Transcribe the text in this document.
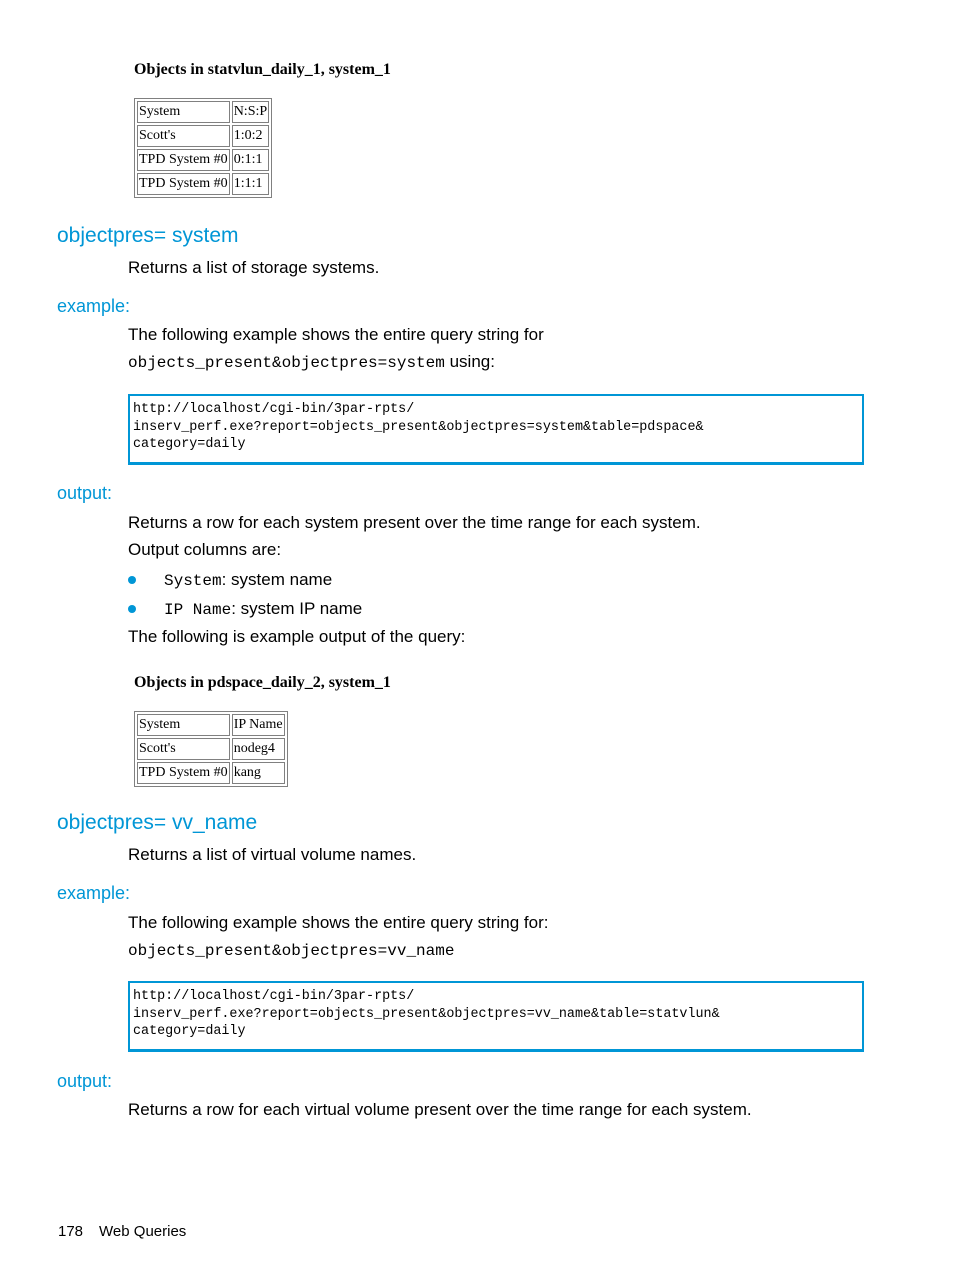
Objects in statvlun_daily_1, system_1
System	N:S:P
Scott's	1:0:2
TPD System #0	0:1:1
TPD System #0	1:1:1
objectpres= system
Returns a list of storage systems.
example:
The following example shows the entire query string for
objects_present&objectpres=system using:
http://localhost/cgi-bin/3par-rpts/
inserv_perf.exe?report=objects_present&objectpres=system&table=pdspace&
category=daily
output:
Returns a row for each system present over the time range for each system.
Output columns are:
System: system name
IP Name: system IP name
The following is example output of the query:
Objects in pdspace_daily_2, system_1
System	IP Name
Scott's	nodeg4
TPD System #0	kang
objectpres= vv_name
Returns a list of virtual volume names.
example:
The following example shows the entire query string for:
objects_present&objectpres=vv_name
http://localhost/cgi-bin/3par-rpts/
inserv_perf.exe?report=objects_present&objectpres=vv_name&table=statvlun&
category=daily
output:
Returns a row for each virtual volume present over the time range for each system.
178 Web Queries
